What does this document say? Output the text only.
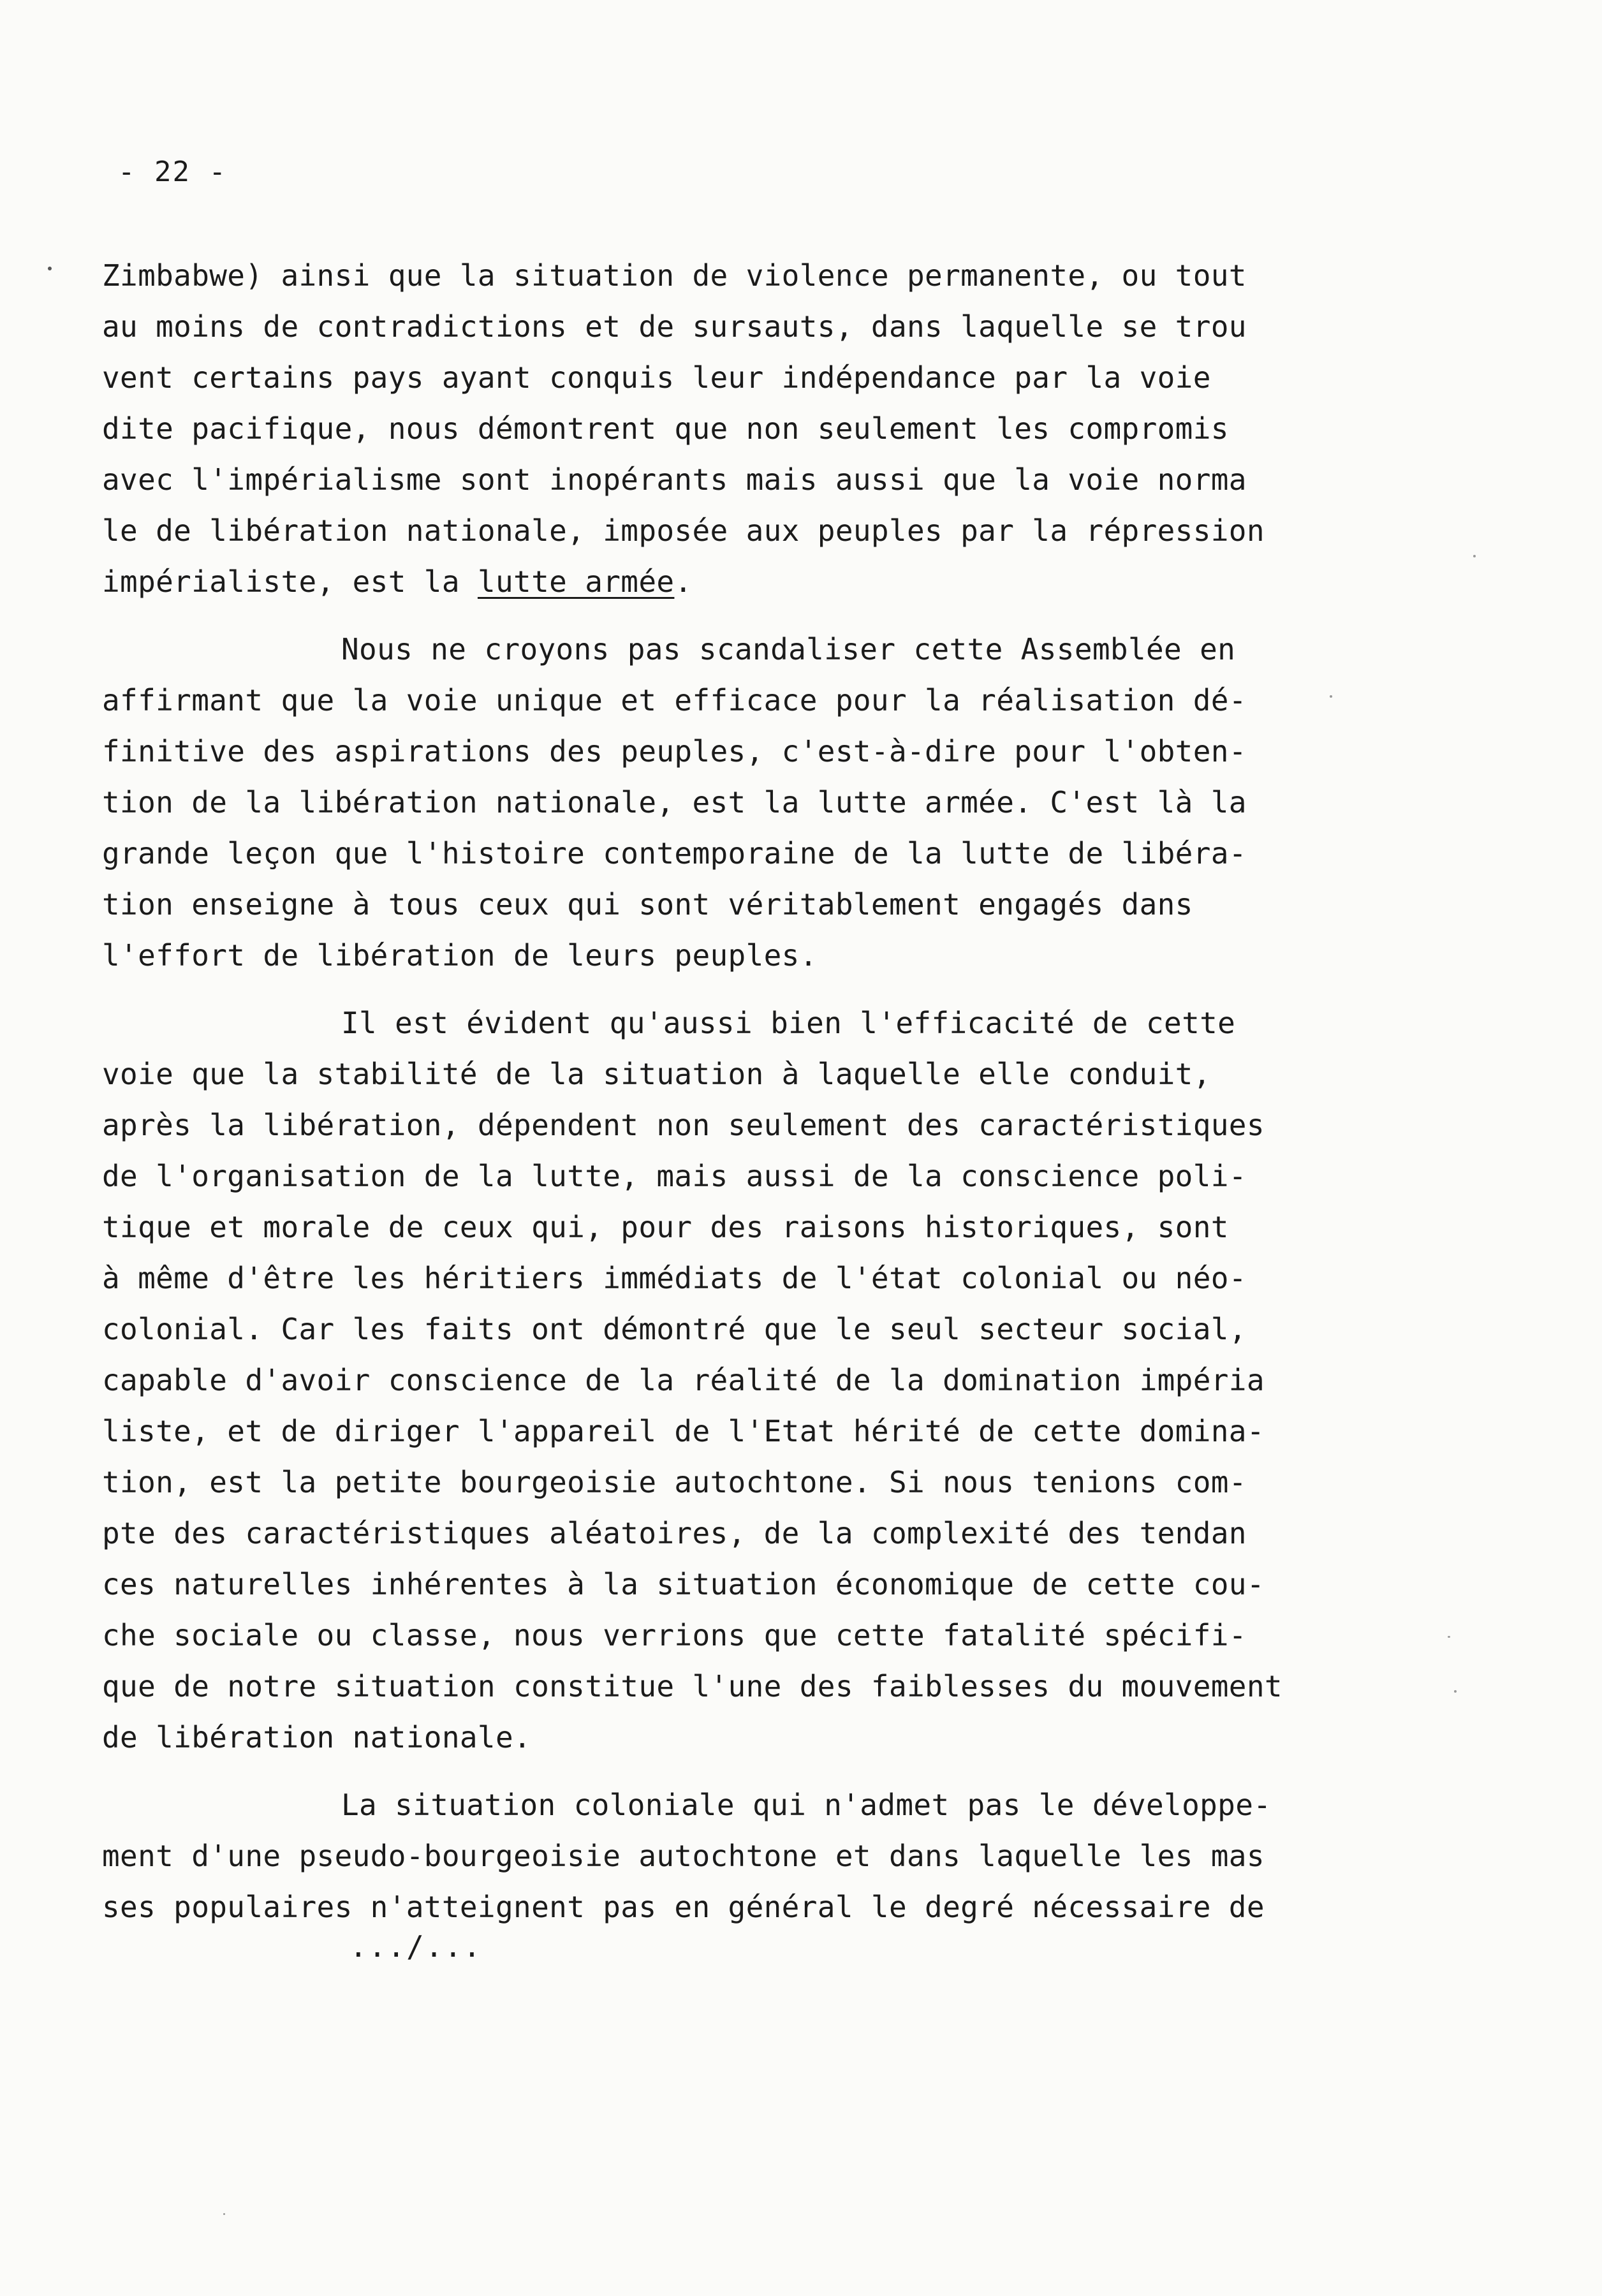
- 22 -
Zimbabwe) ainsi que la situation de violence permanente, ou tout
au moins de contradictions et de sursauts, dans laquelle se trou
vent certains pays ayant conquis leur indépendance par la voie
dite pacifique, nous démontrent que non seulement les compromis
avec l'impérialisme sont inopérants mais aussi que la voie norma
le de libération nationale, imposée aux peuples par la répression
impérialiste, est la lutte armée.
Nous ne croyons pas scandaliser cette Assemblée en
affirmant que la voie unique et efficace pour la réalisation dé-
finitive des aspirations des peuples, c'est-à-dire pour l'obten-
tion de la libération nationale, est la lutte armée. C'est là la
grande leçon que l'histoire contemporaine de la lutte de libéra-
tion enseigne à tous ceux qui sont véritablement engagés dans
l'effort de libération de leurs peuples.
Il est évident qu'aussi bien l'efficacité de cette
voie que la stabilité de la situation à laquelle elle conduit,
après la libération, dépendent non seulement des caractéristiques
de l'organisation de la lutte, mais aussi de la conscience poli-
tique et morale de ceux qui, pour des raisons historiques, sont
à même d'être les héritiers immédiats de l'état colonial ou néo-
colonial. Car les faits ont démontré que le seul secteur social,
capable d'avoir conscience de la réalité de la domination impéria
liste, et de diriger l'appareil de l'Etat hérité de cette domina-
tion, est la petite bourgeoisie autochtone. Si nous tenions com-
pte des caractéristiques aléatoires, de la complexité des tendan
ces naturelles inhérentes à la situation économique de cette cou-
che sociale ou classe, nous verrions que cette fatalité spécifi-
que de notre situation constitue l'une des faiblesses du mouvement
de libération nationale.
La situation coloniale qui n'admet pas le développe-
ment d'une pseudo-bourgeoisie autochtone et dans laquelle les mas
ses populaires n'atteignent pas en général le degré nécessaire de
.../...
